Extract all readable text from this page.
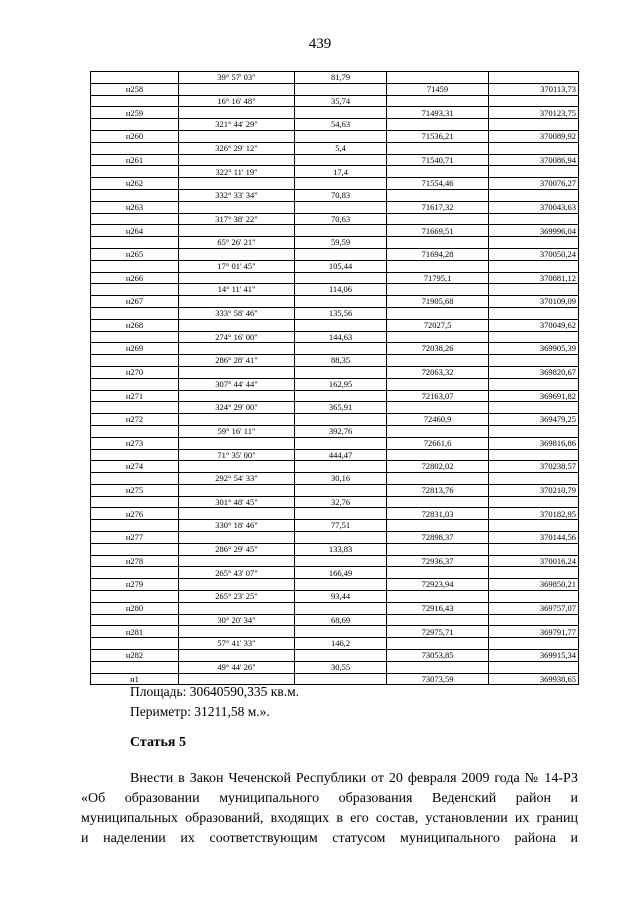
439
	39° 57' 03"	81,79		
н258			71459	370113,73
	16° 16' 48"	35,74		
н259			71493,31	370123,75
	321° 44' 29"	54,63		
н260			71536,21	370089,92
	326° 29' 12"	5,4		
н261			71540,71	370086,94
	322° 11' 19"	17,4		
н262			71554,46	370076,27
	332° 33' 34"	70,83		
н263			71617,32	370043,63
	317° 38' 22"	70,63		
н264			71669,51	369996,04
	65° 26' 21"	59,59		
н265			71694,28	370050,24
	17° 01' 45"	105,44		
н266			71795,1	370081,12
	14° 11' 41"	114,06		
н267			71905,68	370109,09
	333° 58' 46"	135,56		
н268			72027,5	370049,62
	274° 16' 00"	144,63		
н269			72038,26	369905,39
	286° 28' 41"	88,35		
н270			72063,32	369820,67
	307° 44' 44"	162,95		
н271			72163,07	369691,82
	324° 29' 00"	365,91		
н272			72460,9	369479,25
	59° 16' 11"	392,76		
н273			72661,6	369816,86
	71° 35' 00"	444,47		
н274			72802,02	370238,57
	292° 54' 33"	30,16		
н275			72813,76	370210,79
	301° 48' 45"	32,76		
н276			72831,03	370182,95
	330° 18' 46"	77,51		
н277			72898,37	370144,56
	286° 29' 45"	133,83		
н278			72936,37	370016,24
	265° 43' 07"	166,49		
н279			72923,94	369850,21
	265° 23' 25"	93,44		
н280			72916,43	369757,07
	30° 20' 34"	68,69		
н281			72975,71	369791,77
	57° 41' 33"	146,2		
н282			73053,85	369915,34
	49° 44' 26"	30,55		
н1			73073,59	369938,65
Площадь: 30640590,335 кв.м.
Периметр: 31211,58 м.».
Статья 5

Внести в Закон Чеченской Республики от 20 февраля 2009 года № 14-РЗ

«Об образовании муниципального образования Веденский район и

муниципальных образований, входящих в его состав, установлении их границ

и наделении их соответствующим статусом муниципального района и
